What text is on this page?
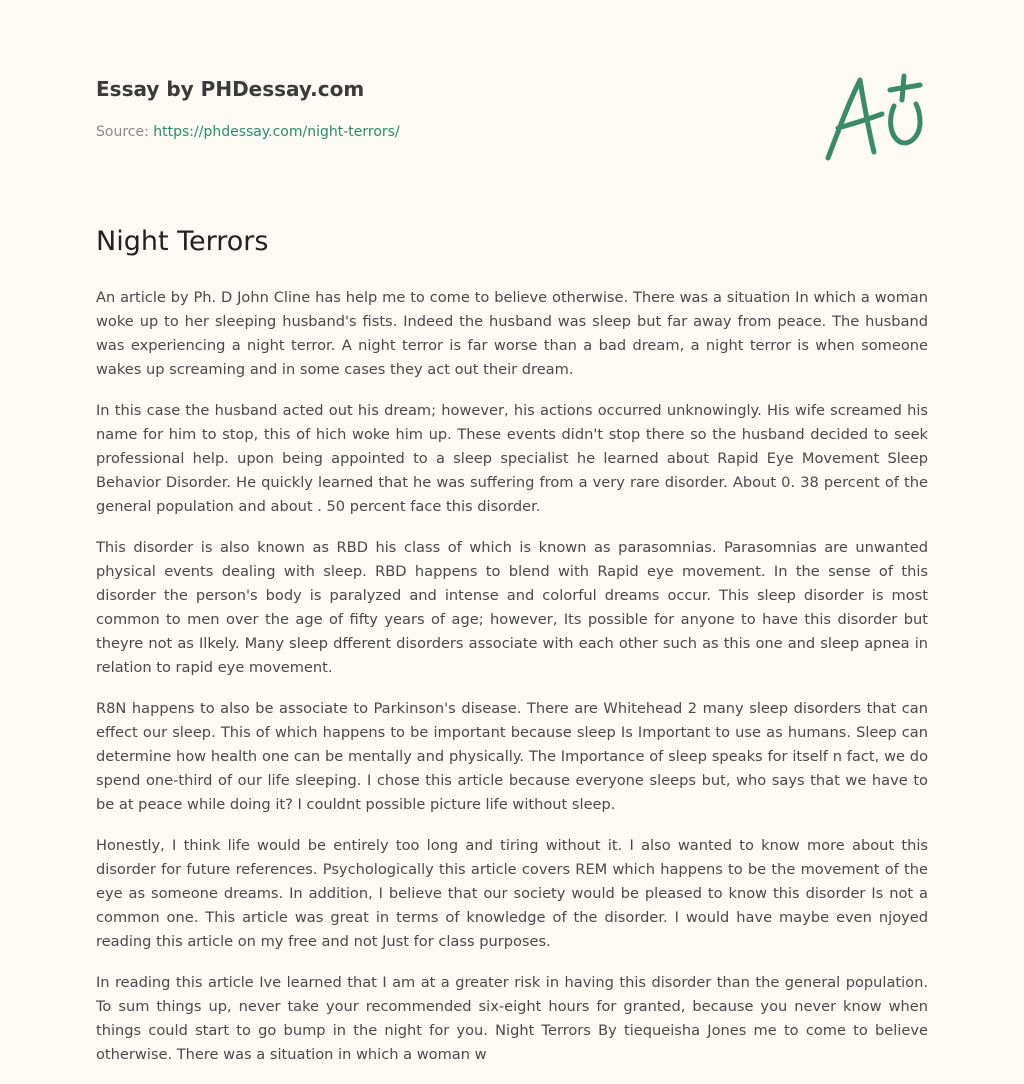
Essay by PHDessay.com
Source: https://phdessay.com/night-terrors/
Night Terrors

An article by Ph. D John Cline has help me to come to believe otherwise. There was a situation In which a woman woke up to her sleeping husband's fists. Indeed the husband was sleep but far away from peace. The husband was experiencing a night terror. A night terror is far worse than a bad dream, a night terror is when someone wakes up screaming and in some cases they act out their dream.

In this case the husband acted out his dream; however, his actions occurred unknowingly. His wife screamed his name for him to stop, this of hich woke him up. These events didn't stop there so the husband decided to seek professional help. upon being appointed to a sleep specialist he learned about Rapid Eye Movement Sleep Behavior Disorder. He quickly learned that he was suffering from a very rare disorder. About 0. 38 percent of the general population and about . 50 percent face this disorder.

This disorder is also known as RBD his class of which is known as parasomnias. Parasomnias are unwanted physical events dealing with sleep. RBD happens to blend with Rapid eye movement. In the sense of this disorder the person's body is paralyzed and intense and colorful dreams occur. This sleep disorder is most common to men over the age of fifty years of age; however, Its possible for anyone to have this disorder but theyre not as Ilkely. Many sleep dfferent disorders associate with each other such as this one and sleep apnea in relation to rapid eye movement.

R8N happens to also be associate to Parkinson's disease. There are Whitehead 2 many sleep disorders that can effect our sleep. This of which happens to be important because sleep Is Important to use as humans. Sleep can determine how health one can be mentally and physically. The Importance of sleep speaks for itself n fact, we do spend one-third of our life sleeping. I chose this article because everyone sleeps but, who says that we have to be at peace while doing it? I couldnt possible picture life without sleep.

Honestly, I think life would be entirely too long and tiring without it. I also wanted to know more about this disorder for future references. Psychologically this article covers REM which happens to be the movement of the eye as someone dreams. In addition, I believe that our society would be pleased to know this disorder Is not a common one. This article was great in terms of knowledge of the disorder. I would have maybe even njoyed reading this article on my free and not Just for class purposes.

In reading this article Ive learned that I am at a greater risk in having this disorder than the general population. To sum things up, never take your recommended six-eight hours for granted, because you never know when things could start to go bump in the night for you. Night Terrors By tiequeisha Jones me to come to believe otherwise. There was a situation in which a woman w
